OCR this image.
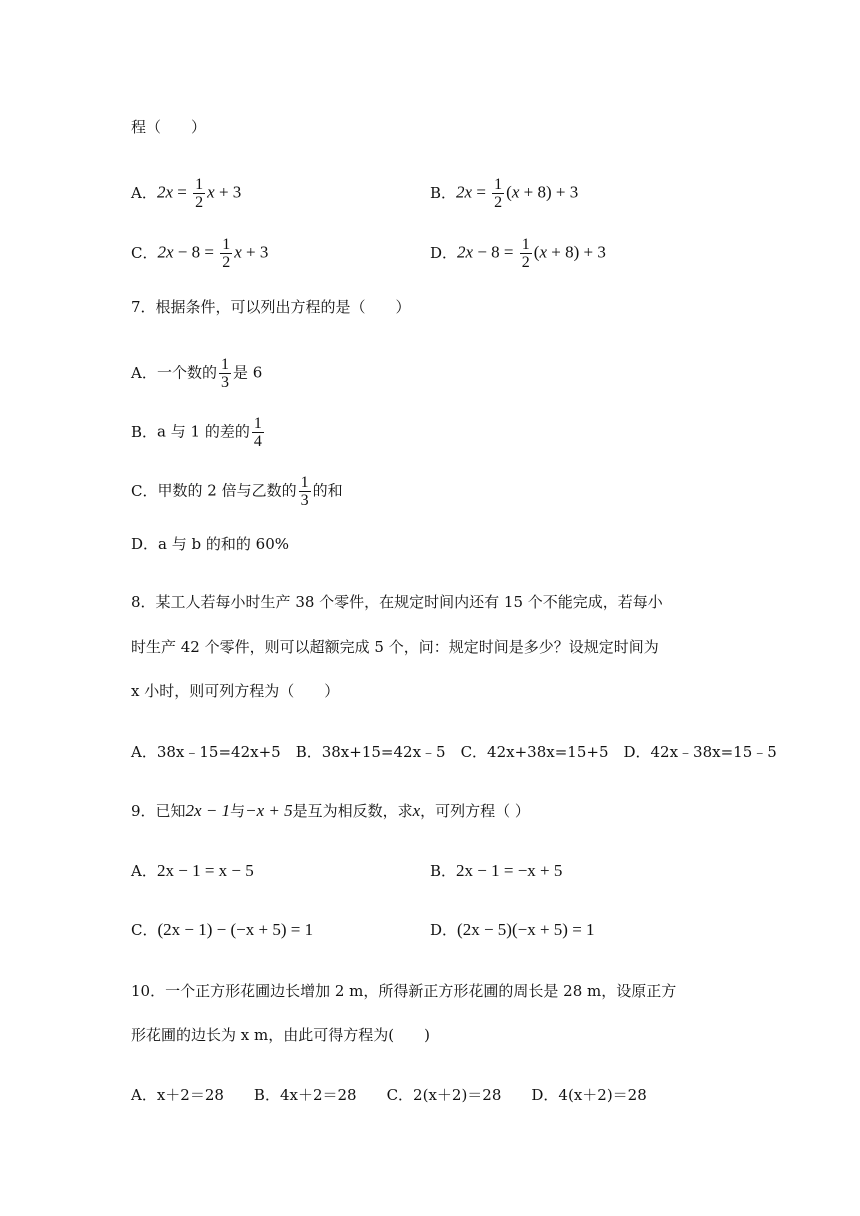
程（　　）
A．$2x = \frac{1}{2}$ x + 3	B．$2x = \frac{1}{2} (x + 8) + 3$
C．$2x - 8 = \frac{1}{2}$ x + 3	D．$2x - 8 = \frac{1}{2} (x + 8) + 3$
7．根据条件，可以列出方程的是（　　）
A．一个数的 $\frac{1}{3}$ 是 6
B．a 与 1 的差的 $\frac{1}{4}$
C．甲数的 2 倍与乙数的 $\frac{1}{3}$ 的和
D．a 与 b 的和的 60%
8．某工人若每小时生产 38 个零件，在规定时间内还有 15 个不能完成，若每小
时生产 42 个零件，则可以超额完成 5 个，问：规定时间是多少？设规定时间为
x 小时，则可列方程为（　　）
A．38x﹣15=42x+5　B．38x+15=42x﹣5　C．42x+38x=15+5　D．42x﹣38x=15﹣5
9．已知2x − 1与−x + 5是互为相反数，求x，可列方程（ ）
A．2x − 1 = x − 5	B．2x − 1 = −x + 5
C．(2x − 1) − (−x + 5) = 1	D．(2x − 5)(−x + 5) = 1
10．一个正方形花圃边长增加 2 m，所得新正方形花圃的周长是 28 m，设原正方
形花圃的边长为 x m，由此可得方程为(　　)
A．x＋2＝28　　B．4x＋2＝28　　C．2(x＋2)＝28　　D．4(x＋2)＝28
